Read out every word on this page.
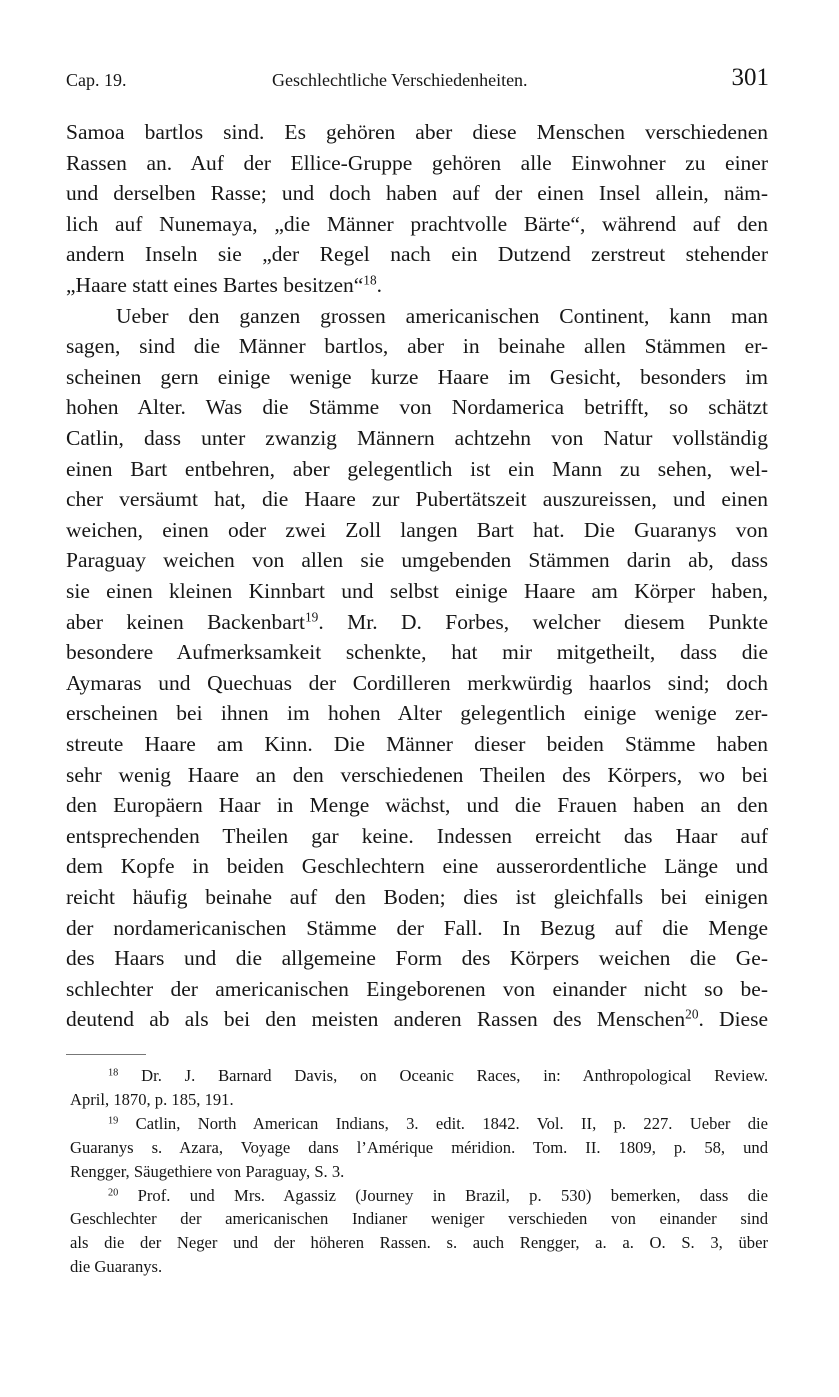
Cap. 19.	Geschlechtliche Verschiedenheiten.	301
Samoa bartlos sind. Es gehören aber diese Menschen verschiedenen
Rassen an. Auf der Ellice-Gruppe gehören alle Einwohner zu einer
und derselben Rasse; und doch haben auf der einen Insel allein, näm-
lich auf Nunemaya, „die Männer prachtvolle Bärte“, während auf den
andern Inseln sie „der Regel nach ein Dutzend zerstreut stehender
„Haare statt eines Bartes besitzen“$^{18}$.
Ueber den ganzen grossen americanischen Continent, kann man
sagen, sind die Männer bartlos, aber in beinahe allen Stämmen er-
scheinen gern einige wenige kurze Haare im Gesicht, besonders im
hohen Alter. Was die Stämme von Nordamerica betrifft, so schätzt
Catlin, dass unter zwanzig Männern achtzehn von Natur vollständig
einen Bart entbehren, aber gelegentlich ist ein Mann zu sehen, wel-
cher versäumt hat, die Haare zur Pubertätszeit auszureissen, und einen
weichen, einen oder zwei Zoll langen Bart hat. Die Guaranys von
Paraguay weichen von allen sie umgebenden Stämmen darin ab, dass
sie einen kleinen Kinnbart und selbst einige Haare am Körper haben,
aber keinen Backenbart$^{19}$. Mr. D. Forbes, welcher diesem Punkte
besondere Aufmerksamkeit schenkte, hat mir mitgetheilt, dass die
Aymaras und Quechuas der Cordilleren merkwürdig haarlos sind; doch
erscheinen bei ihnen im hohen Alter gelegentlich einige wenige zer-
streute Haare am Kinn. Die Männer dieser beiden Stämme haben
sehr wenig Haare an den verschiedenen Theilen des Körpers, wo bei
den Europäern Haar in Menge wächst, und die Frauen haben an den
entsprechenden Theilen gar keine. Indessen erreicht das Haar auf
dem Kopfe in beiden Geschlechtern eine ausserordentliche Länge und
reicht häufig beinahe auf den Boden; dies ist gleichfalls bei einigen
der nordamericanischen Stämme der Fall. In Bezug auf die Menge
des Haars und die allgemeine Form des Körpers weichen die Ge-
schlechter der americanischen Eingeborenen von einander nicht so be-
deutend ab als bei den meisten anderen Rassen des Menschen$^{20}$. Diese
$^{18}$ Dr. J. Barnard Davis, on Oceanic Races, in: Anthropological Review.
April, 1870, p. 185, 191.
$^{19}$ Catlin, North American Indians, 3. edit. 1842. Vol. II, p. 227. Ueber die
Guaranys s. Azara, Voyage dans l’Amérique méridion. Tom. II. 1809, p. 58, und
Rengger, Säugethiere von Paraguay, S. 3.
$^{20}$ Prof. und Mrs. Agassiz (Journey in Brazil, p. 530) bemerken, dass die
Geschlechter der americanischen Indianer weniger verschieden von einander sind
als die der Neger und der höheren Rassen. s. auch Rengger, a. a. O. S. 3, über
die Guaranys.
